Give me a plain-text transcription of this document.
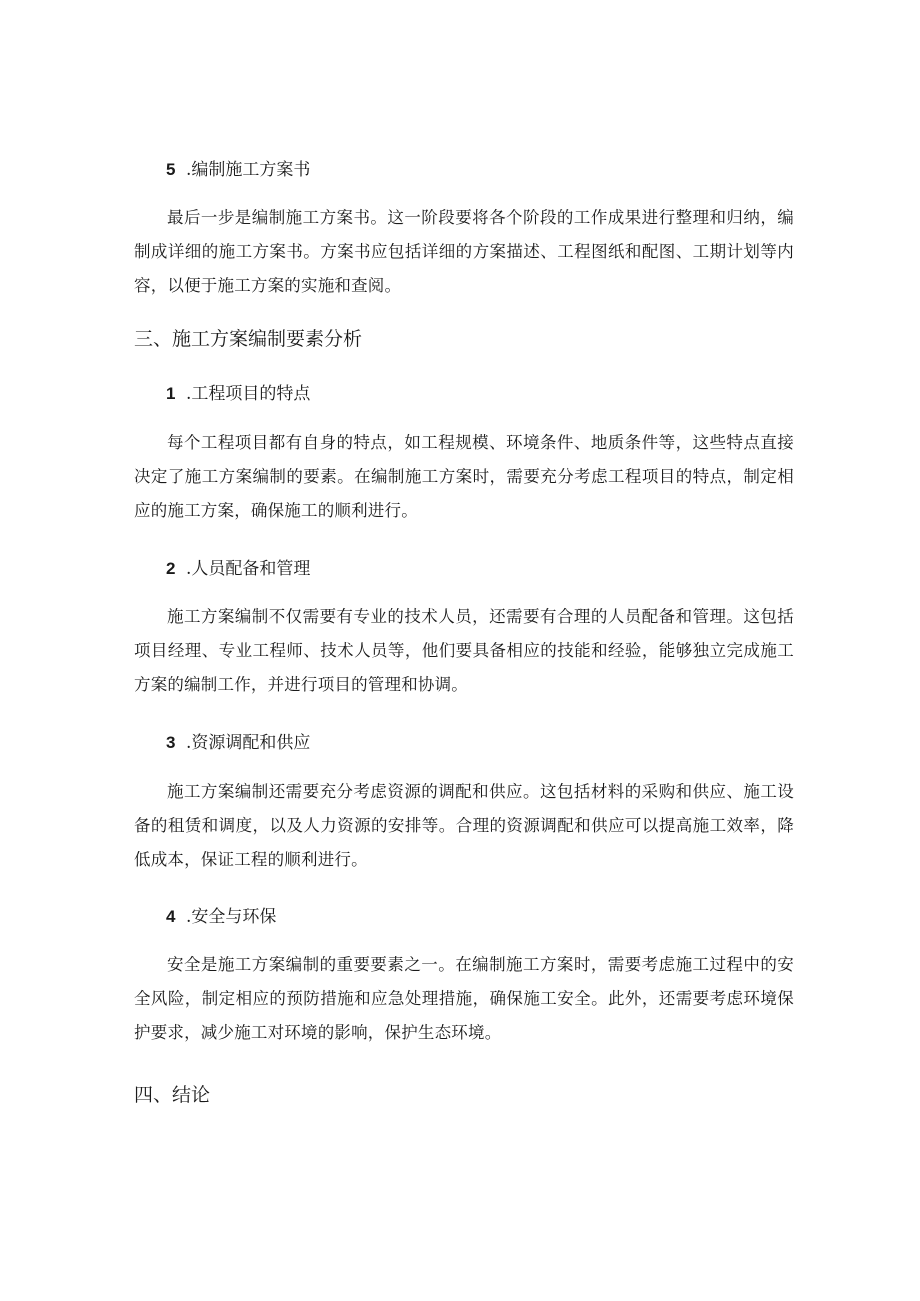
5 .编制施工方案书

最后一步是编制施工方案书。这一阶段要将各个阶段的工作成果进行整理和归纳，编制成详细的施工方案书。方案书应包括详细的方案描述、工程图纸和配图、工期计划等内容，以便于施工方案的实施和查阅。

三、施工方案编制要素分析
1 .工程项目的特点

每个工程项目都有自身的特点，如工程规模、环境条件、地质条件等，这些特点直接决定了施工方案编制的要素。在编制施工方案时，需要充分考虑工程项目的特点，制定相应的施工方案，确保施工的顺利进行。

2 .人员配备和管理

施工方案编制不仅需要有专业的技术人员，还需要有合理的人员配备和管理。这包括项目经理、专业工程师、技术人员等，他们要具备相应的技能和经验，能够独立完成施工方案的编制工作，并进行项目的管理和协调。

3 .资源调配和供应

施工方案编制还需要充分考虑资源的调配和供应。这包括材料的采购和供应、施工设备的租赁和调度，以及人力资源的安排等。合理的资源调配和供应可以提高施工效率，降低成本，保证工程的顺利进行。

4 .安全与环保

安全是施工方案编制的重要要素之一。在编制施工方案时，需要考虑施工过程中的安全风险，制定相应的预防措施和应急处理措施，确保施工安全。此外，还需要考虑环境保护要求，减少施工对环境的影响，保护生态环境。

四、结论
